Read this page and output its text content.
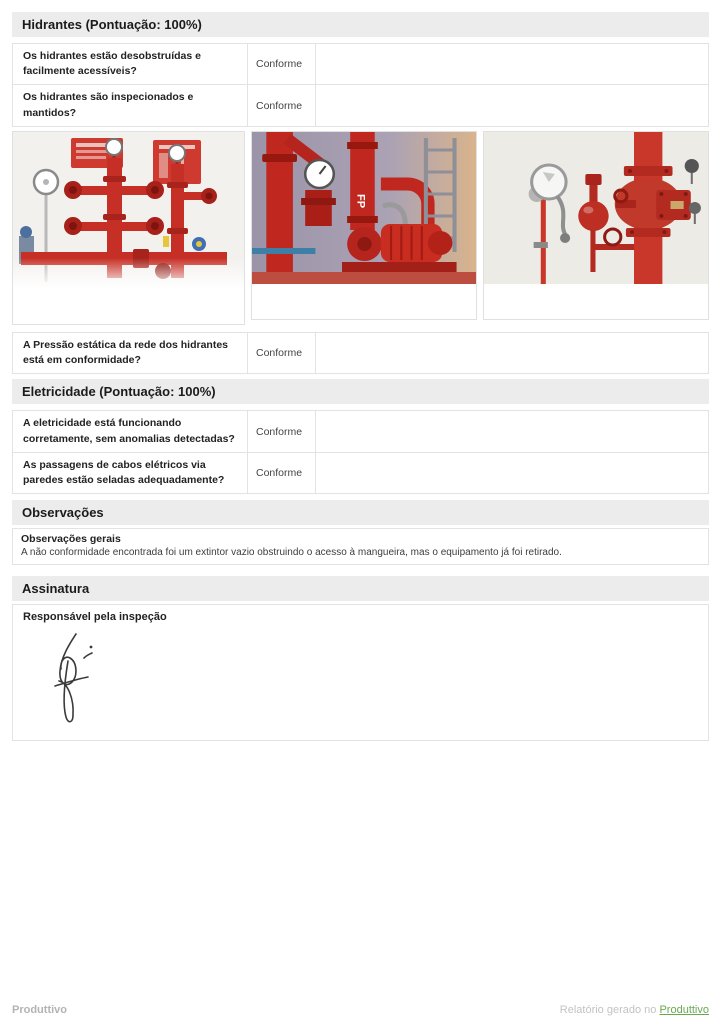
Hidrantes (Pontuação: 100%)
Os hidrantes estão desobstruídas e facilmente acessíveis?
Conforme
Os hidrantes são inspecionados e mantidos?
Conforme
FP
A Pressão estática da rede dos hidrantes está em conformidade?
Conforme
Eletricidade (Pontuação: 100%)
A eletricidade está funcionando corretamente, sem anomalias detectadas?
Conforme
As passagens de cabos elétricos via paredes estão seladas adequadamente?
Conforme
Observações
Observações gerais
A não conformidade encontrada foi um extintor vazio obstruindo o acesso à mangueira, mas o equipamento já foi retirado.
Assinatura
Responsável pela inspeção
Produttivo	Relatório gerado no Produttivo
